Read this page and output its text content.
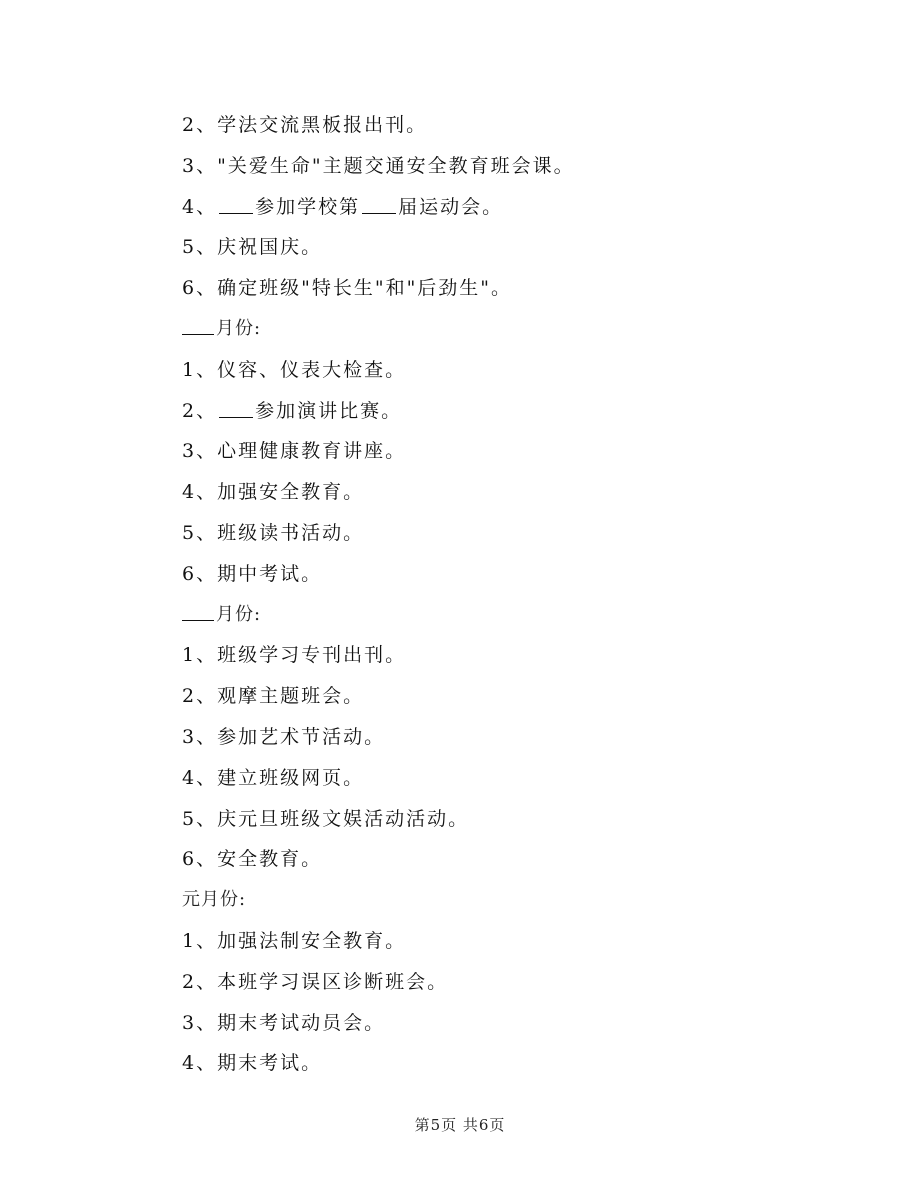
2、学法交流黑板报出刊。
3、"关爱生命"主题交通安全教育班会课。
4、 参加学校第 届运动会。
5、庆祝国庆。
6、确定班级"特长生"和"后劲生"。
月份:
1、仪容、仪表大检查。
2、 参加演讲比赛。
3、心理健康教育讲座。
4、加强安全教育。
5、班级读书活动。
6、期中考试。
月份:
1、班级学习专刊出刊。
2、观摩主题班会。
3、参加艺术节活动。
4、建立班级网页。
5、庆元旦班级文娱活动活动。
6、安全教育。
元月份:
1、加强法制安全教育。
2、本班学习误区诊断班会。
3、期末考试动员会。
4、期末考试。
第5页 共6页
